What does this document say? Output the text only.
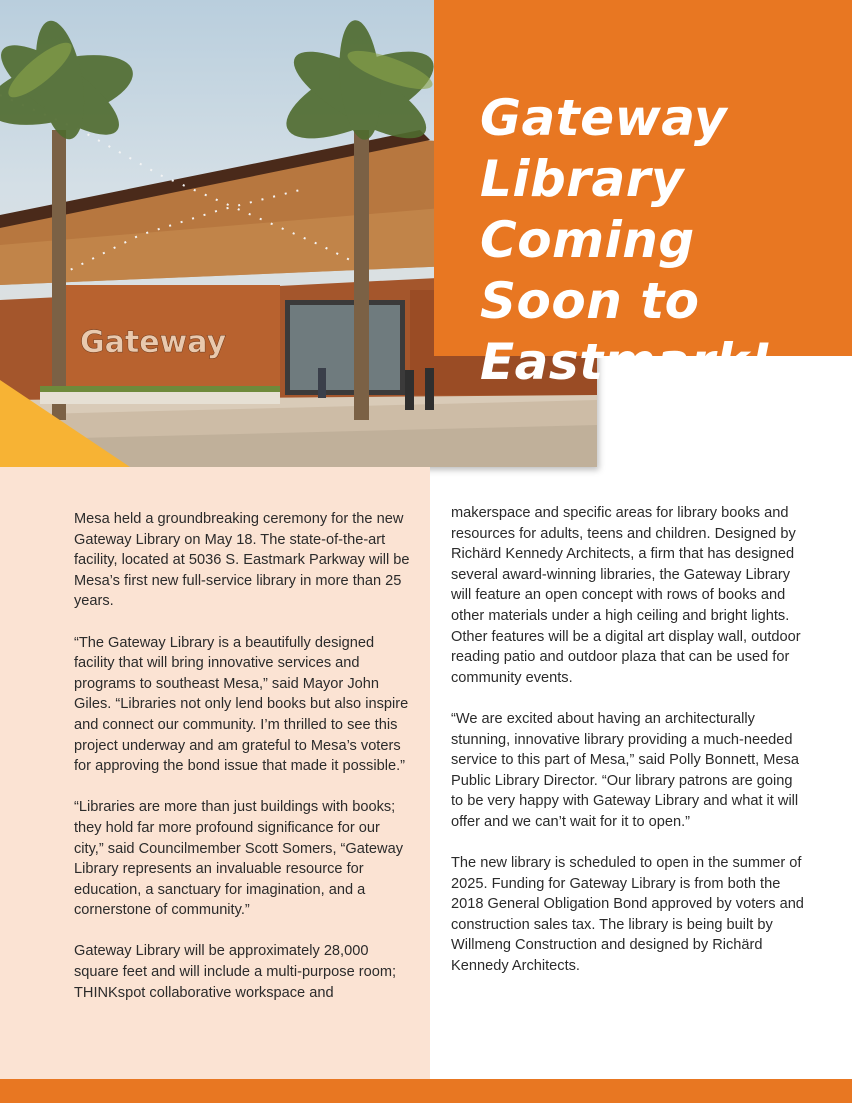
Gateway
Gateway Library Coming Soon to Eastmark!

Mesa held a groundbreaking ceremony for the new Gateway Library on May 18. The state-of-the-art facility, located at 5036 S. Eastmark Parkway will be Mesa’s first new full-service library in more than 25 years.

“The Gateway Library is a beautifully designed facility that will bring innovative services and programs to southeast Mesa,” said Mayor John Giles. “Libraries not only lend books but also inspire and connect our community. I’m thrilled to see this project underway and am grateful to Mesa’s voters for approving the bond issue that made it possible.”

“Libraries are more than just buildings with books; they hold far more profound significance for our city,” said Councilmember Scott Somers, “Gateway Library represents an invaluable resource for education, a sanctuary for imagination, and a cornerstone of community.”

Gateway Library will be approximately 28,000 square feet and will include a multi-purpose room; THINKspot collaborative workspace and

makerspace and specific areas for library books and resources for adults, teens and children. Designed by Richärd Kennedy Architects, a firm that has designed several award-winning libraries, the Gateway Library will feature an open concept with rows of books and other materials under a high ceiling and bright lights. Other features will be a digital art display wall, outdoor reading patio and outdoor plaza that can be used for community events.

“We are excited about having an architecturally stunning, innovative library providing a much-needed service to this part of Mesa,” said Polly Bonnett, Mesa Public Library Director. “Our library patrons are going to be very happy with Gateway Library and what it will offer and we can’t wait for it to open.”

The new library is scheduled to open in the summer of 2025. Funding for Gateway Library is from both the 2018 General Obligation Bond approved by voters and construction sales tax. The library is being built by Willmeng Construction and designed by Richärd Kennedy Architects.
